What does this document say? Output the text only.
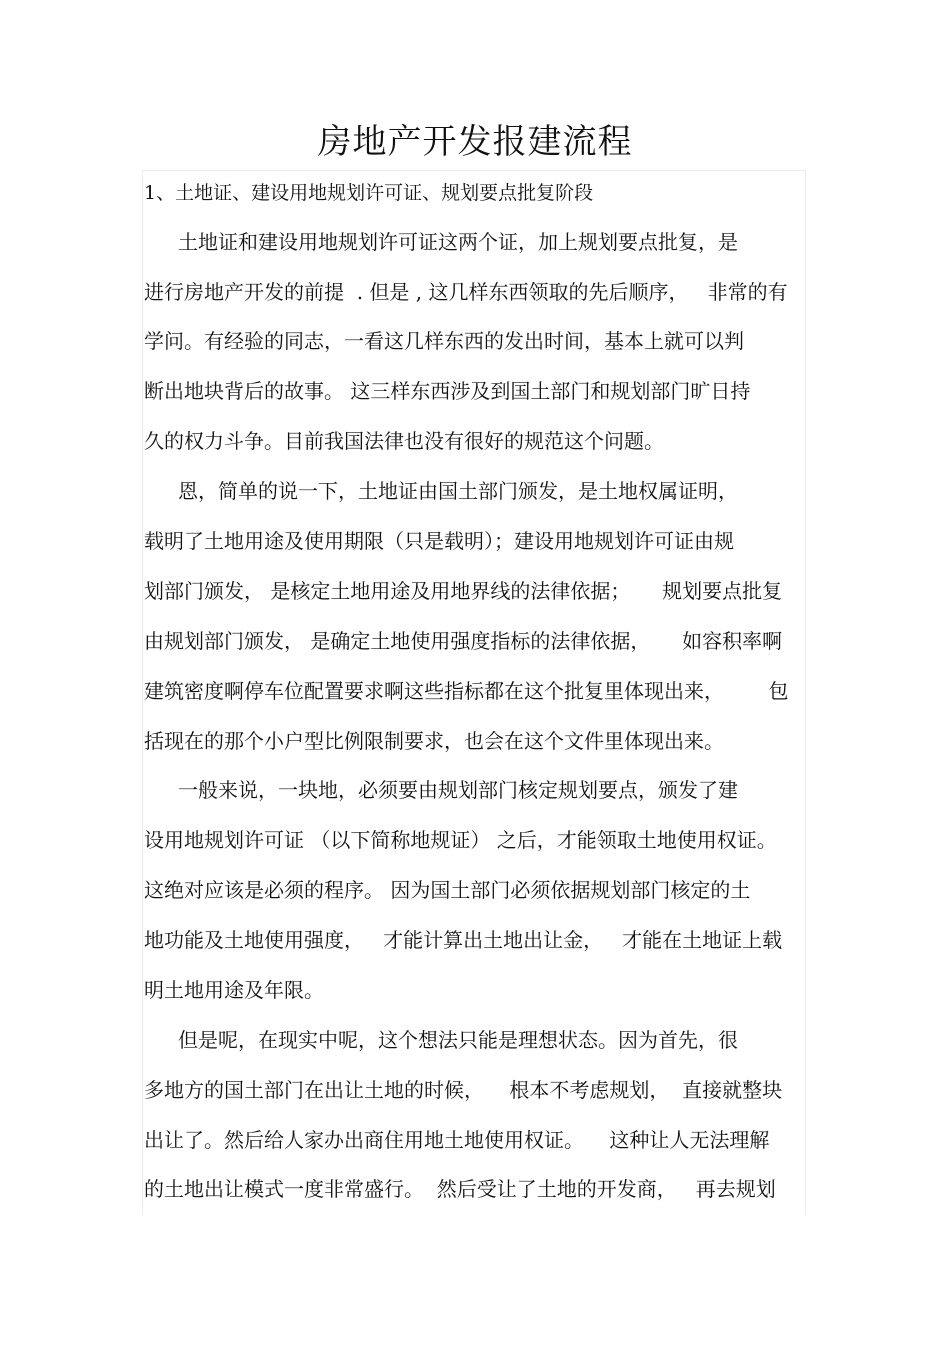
房地产开发报建流程
1、土地证、建设用地规划许可证、规划要点批复阶段
土地证和建设用地规划许可证这两个证，加上规划要点批复，是
进行房地产开发的前提  . 但是 , 这几样东西领取的先后顺序，   非常的有
学问。有经验的同志，一看这几样东西的发出时间，基本上就可以判
断出地块背后的故事。 这三样东西涉及到国土部门和规划部门旷日持
久的权力斗争。目前我国法律也没有很好的规范这个问题。
恩，简单的说一下，土地证由国土部门颁发，是土地权属证明，
载明了土地用途及使用期限（只是载明）；建设用地规划许可证由规
划部门颁发， 是核定土地用途及用地界线的法律依据；     规划要点批复
由规划部门颁发， 是确定土地使用强度指标的法律依据，     如容积率啊
建筑密度啊停车位配置要求啊这些指标都在这个批复里体现出来，       包
括现在的那个小户型比例限制要求，也会在这个文件里体现出来。
一般来说，一块地，必须要由规划部门核定规划要点，颁发了建
设用地规划许可证 （以下简称地规证） 之后，才能领取土地使用权证。
这绝对应该是必须的程序。 因为国土部门必须依据规划部门核定的土
地功能及土地使用强度，   才能计算出土地出让金，   才能在土地证上载
明土地用途及年限。
但是呢，在现实中呢，这个想法只能是理想状态。因为首先，很
多地方的国土部门在出让土地的时候，    根本不考虑规划，  直接就整块
出让了。然后给人家办出商住用地土地使用权证。    这种让人无法理解
的土地出让模式一度非常盛行。  然后受让了土地的开发商，   再去规划
